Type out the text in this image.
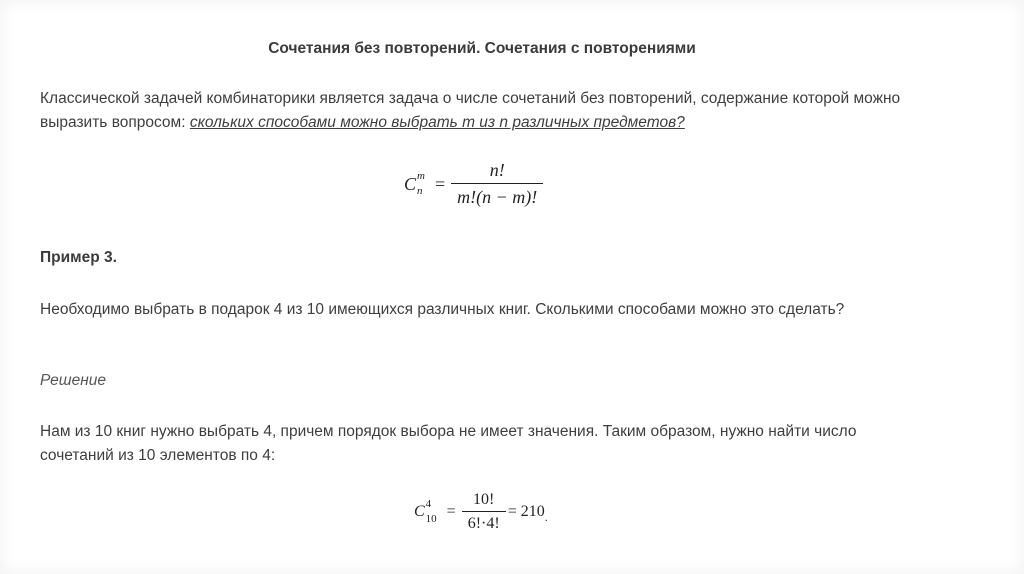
Сочетания без повторений. Сочетания с повторениями
Классической задачей комбинаторики является задача о числе сочетаний без повторений, содержание которой можно выразить вопросом: скольких способами можно выбрать m из n различных предметов?
C m
$n = \frac{n!}{m!(n - m)!}$
Пример 3.
Необходимо выбрать в подарок 4 из 10 имеющихся различных книг. Сколькими способами можно это сделать?
Решение
Нам из 10 книг нужно выбрать 4, причем порядок выбора не имеет значения. Таким образом, нужно найти число сочетаний из 10 элементов по 4:
C 4
$10 = \frac{10!}{6!\cdot 4!} = 210$ .
